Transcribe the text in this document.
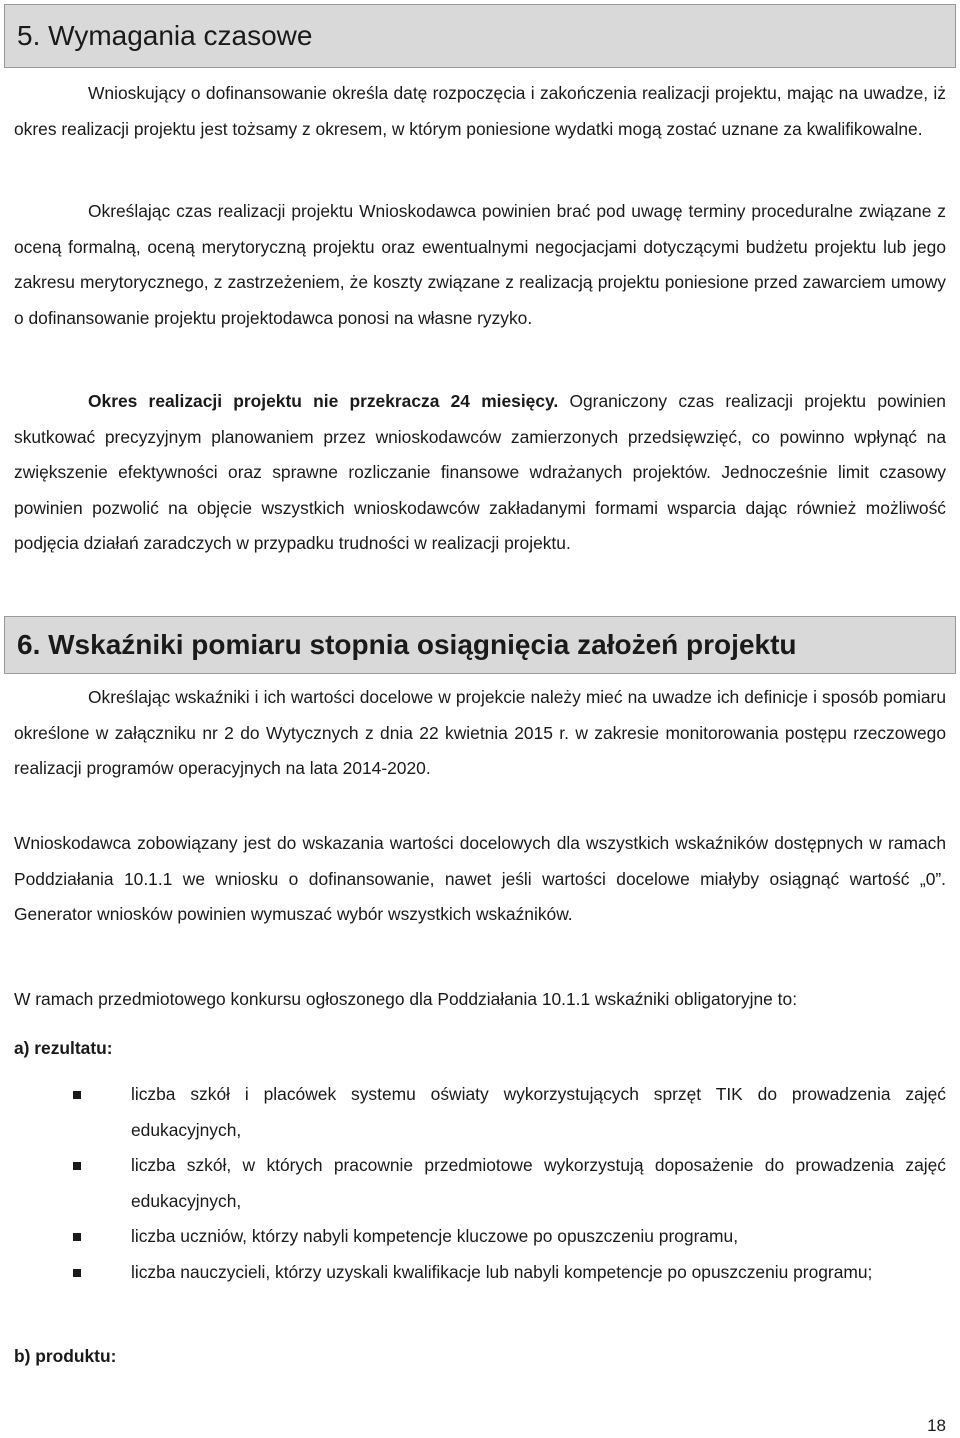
5. Wymagania czasowe

Wnioskujący o dofinansowanie określa datę rozpoczęcia i zakończenia realizacji projektu, mając na uwadze, iż okres realizacji projektu jest tożsamy z okresem, w którym poniesione wydatki mogą zostać uznane za kwalifikowalne.

Określając czas realizacji projektu Wnioskodawca powinien brać pod uwagę terminy proceduralne związane z oceną formalną, oceną merytoryczną projektu oraz ewentualnymi negocjacjami dotyczącymi budżetu projektu lub jego zakresu merytorycznego, z zastrzeżeniem, że koszty związane z realizacją projektu poniesione przed zawarciem umowy o dofinansowanie projektu projektodawca ponosi na własne ryzyko.

Okres realizacji projektu nie przekracza 24 miesięcy. Ograniczony czas realizacji projektu powinien skutkować precyzyjnym planowaniem przez wnioskodawców zamierzonych przedsięwzięć, co powinno wpłynąć na zwiększenie efektywności oraz sprawne rozliczanie finansowe wdrażanych projektów. Jednocześnie limit czasowy powinien pozwolić na objęcie wszystkich wnioskodawców zakładanymi formami wsparcia dając również możliwość podjęcia działań zaradczych w przypadku trudności w realizacji projektu.

6. Wskaźniki pomiaru stopnia osiągnięcia założeń projektu

Określając wskaźniki i ich wartości docelowe w projekcie należy mieć na uwadze ich definicje i sposób pomiaru określone w załączniku nr 2 do Wytycznych z dnia 22 kwietnia 2015 r. w zakresie monitorowania postępu rzeczowego realizacji programów operacyjnych na lata 2014-2020.

Wnioskodawca zobowiązany jest do wskazania wartości docelowych dla wszystkich wskaźników dostępnych w ramach Poddziałania 10.1.1 we wniosku o dofinansowanie, nawet jeśli wartości docelowe miałyby osiągnąć wartość „0”. Generator wniosków powinien wymuszać wybór wszystkich wskaźników.

W ramach przedmiotowego konkursu ogłoszonego dla Poddziałania 10.1.1 wskaźniki obligatoryjne to:

a) rezultatu:

liczba szkół i placówek systemu oświaty wykorzystujących sprzęt TIK do prowadzenia zajęć edukacyjnych,
liczba szkół, w których pracownie przedmiotowe wykorzystują doposażenie do prowadzenia zajęć edukacyjnych,
liczba uczniów, którzy nabyli kompetencje kluczowe po opuszczeniu programu,
liczba nauczycieli, którzy uzyskali kwalifikacje lub nabyli kompetencje po opuszczeniu programu;

b) produktu:

18
